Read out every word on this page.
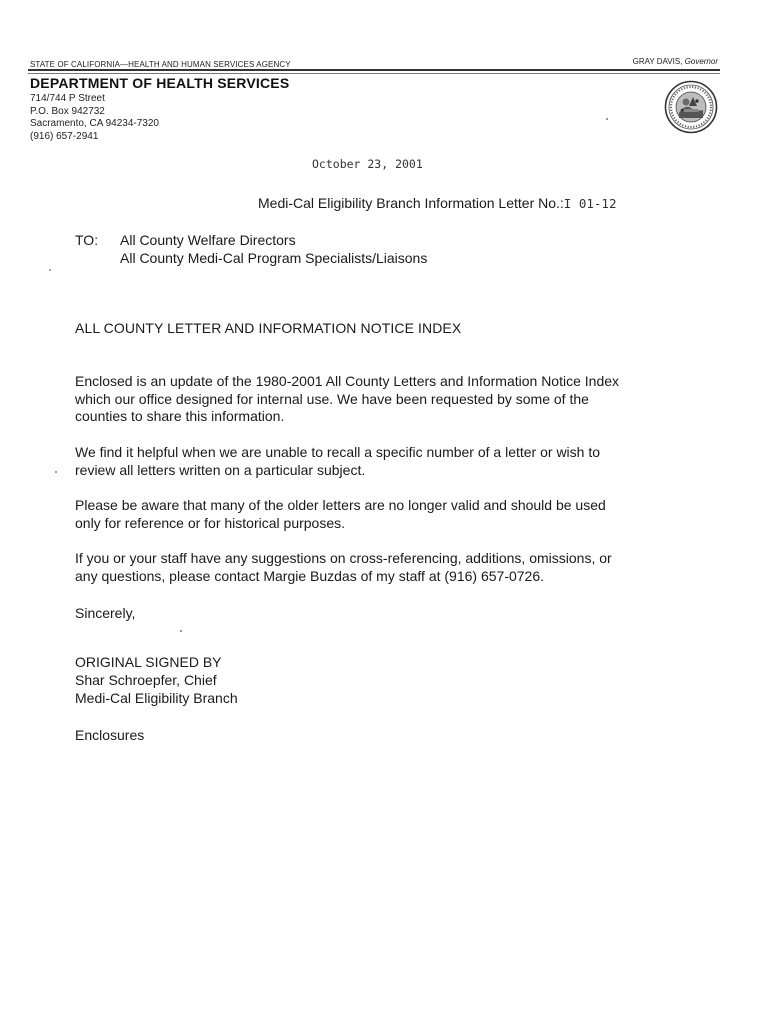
STATE OF CALIFORNIA—HEALTH AND HUMAN SERVICES AGENCY	GRAY DAVIS, Governor
DEPARTMENT OF HEALTH SERVICES
714/744 P Street
P.O. Box 942732
Sacramento, CA 94234-7320
(916) 657-2941
October 23, 2001
Medi-Cal Eligibility Branch Information Letter No.:I 01-12
TO: All County Welfare Directors
All County Medi-Cal Program Specialists/Liaisons
ALL COUNTY LETTER AND INFORMATION NOTICE INDEX
Enclosed is an update of the 1980-2001 All County Letters and Information Notice Index
which our office designed for internal use. We have been requested by some of the
counties to share this information.
We find it helpful when we are unable to recall a specific number of a letter or wish to
review all letters written on a particular subject.
Please be aware that many of the older letters are no longer valid and should be used
only for reference or for historical purposes.
If you or your staff have any suggestions on cross-referencing, additions, omissions, or
any questions, please contact Margie Buzdas of my staff at (916) 657-0726.
Sincerely,
ORIGINAL SIGNED BY
Shar Schroepfer, Chief
Medi-Cal Eligibility Branch
Enclosures
